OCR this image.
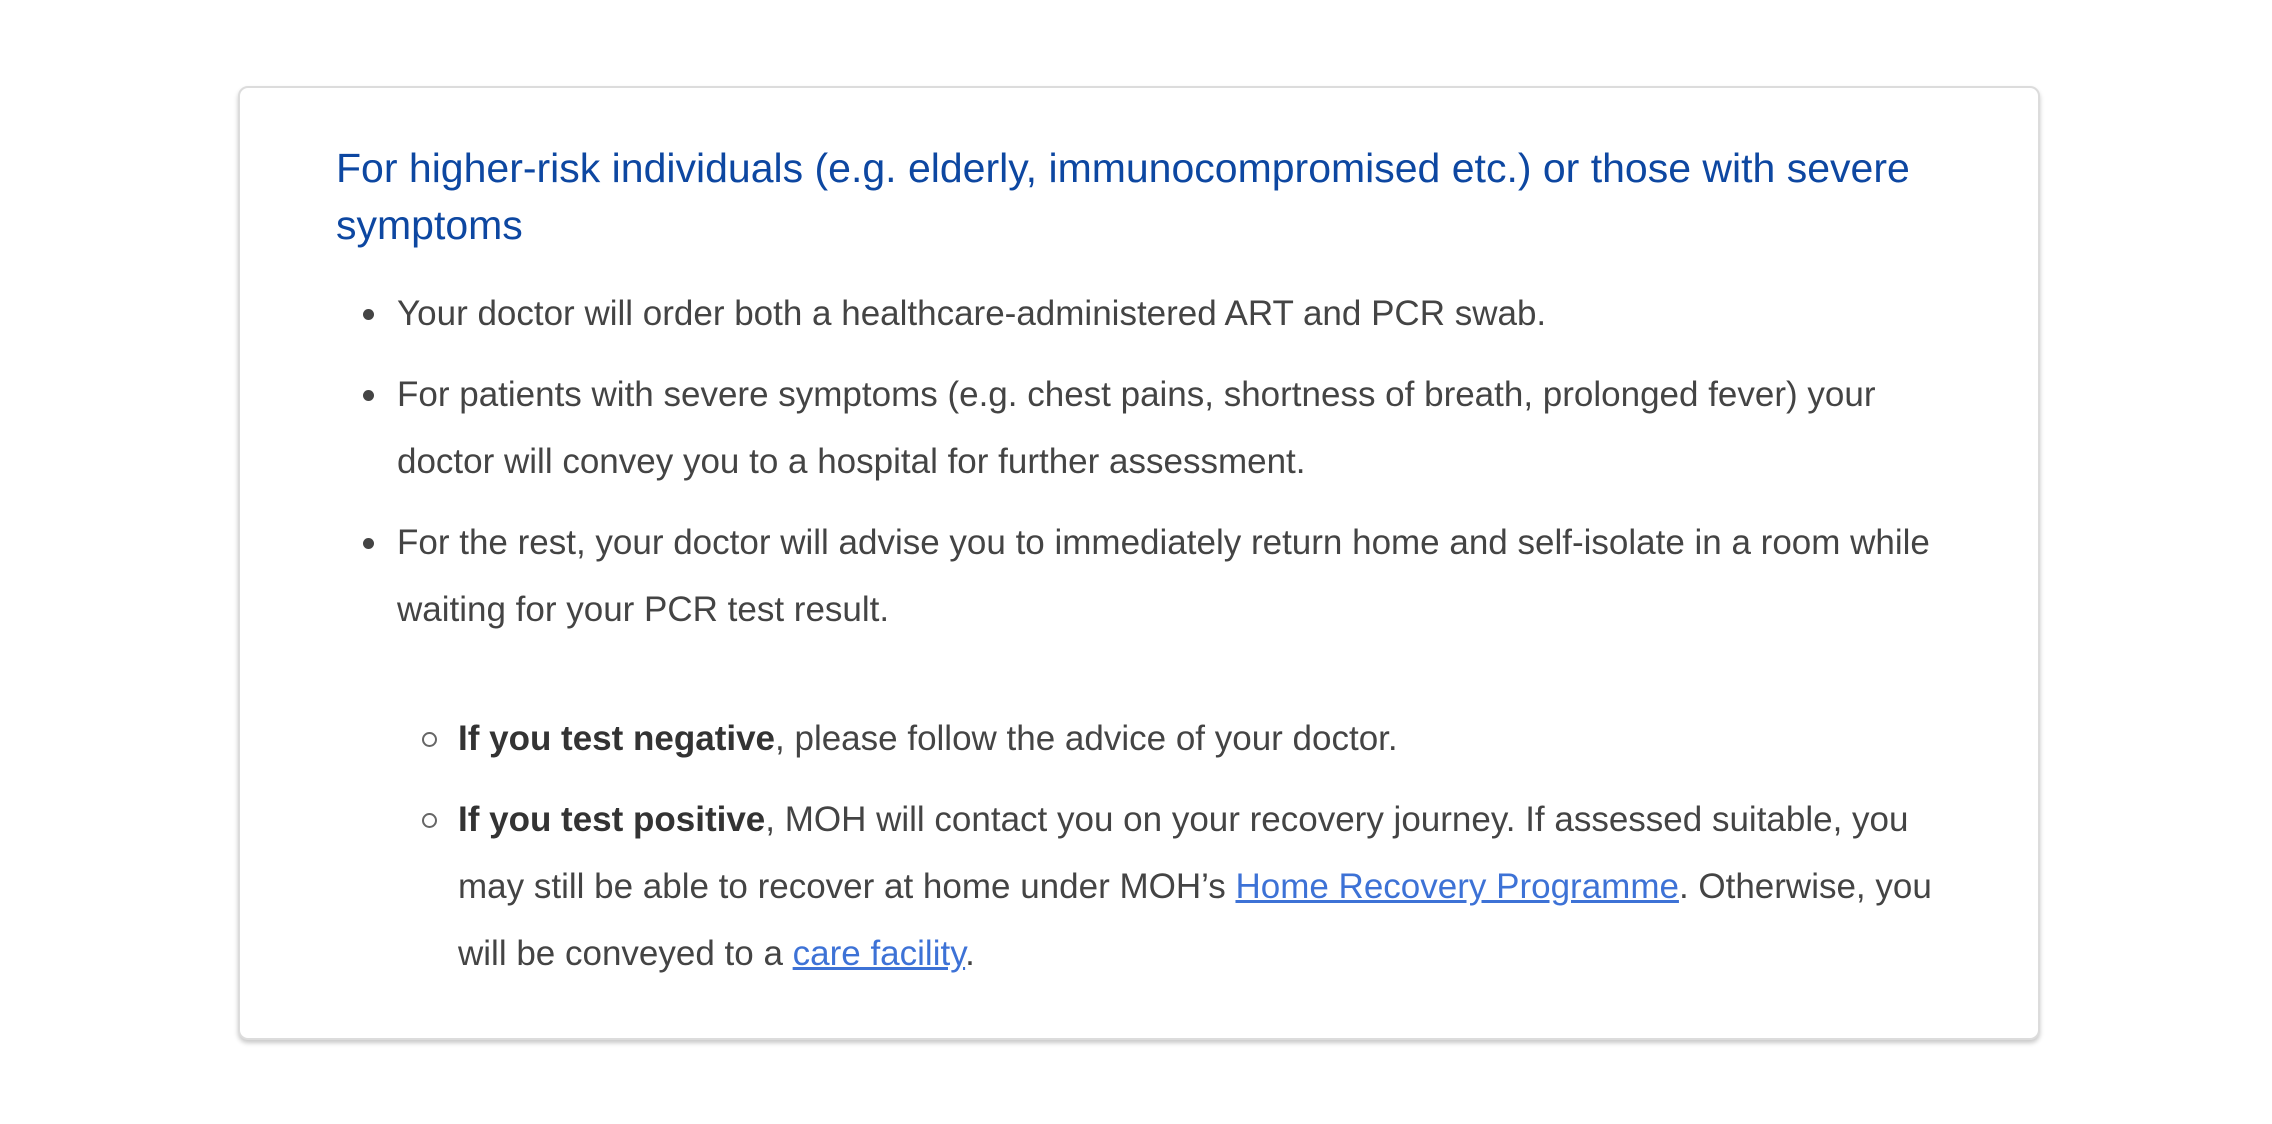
For higher-risk individuals (e.g. elderly, immunocompromised etc.) or those with severe symptoms
Your doctor will order both a healthcare-administered ART and PCR swab.
For patients with severe symptoms (e.g. chest pains, shortness of breath, prolonged fever) your doctor will convey you to a hospital for further assessment.
For the rest, your doctor will advise you to immediately return home and self-isolate in a room while waiting for your PCR test result.
If you test negative, please follow the advice of your doctor.
If you test positive, MOH will contact you on your recovery journey. If assessed suitable, you may still be able to recover at home under MOH’s Home Recovery Programme. Otherwise, you will be conveyed to a care facility.
